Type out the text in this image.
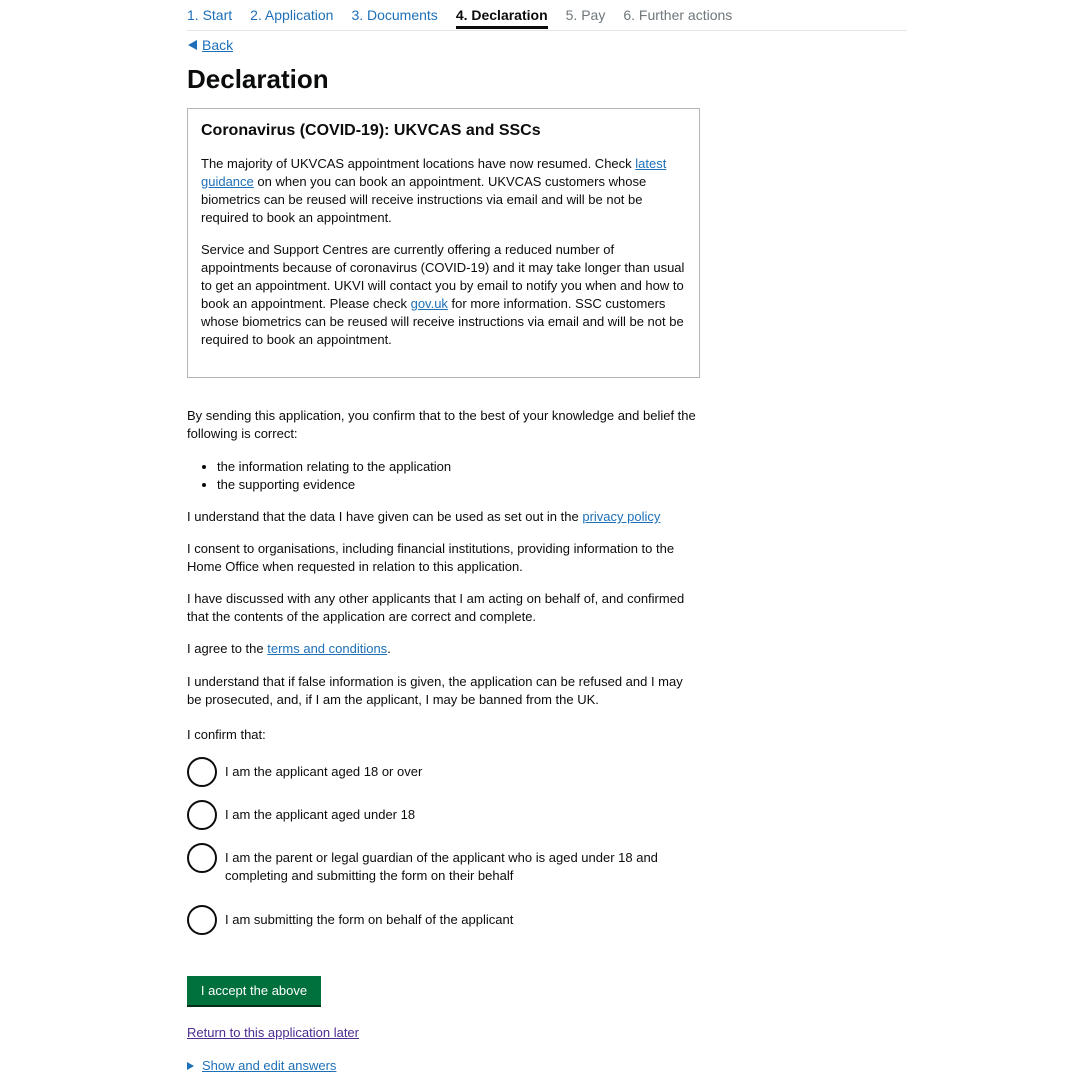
1. Start 2. Application 3. Documents 4. Declaration 5. Pay 6. Further actions
Back
Declaration
Coronavirus (COVID-19): UKVCAS and SSCs

The majority of UKVCAS appointment locations have now resumed. Check latest guidance on when you can book an appointment. UKVCAS customers whose biometrics can be reused will receive instructions via email and will be not be required to book an appointment.

Service and Support Centres are currently offering a reduced number of appointments because of coronavirus (COVID-19) and it may take longer than usual to get an appointment. UKVI will contact you by email to notify you when and how to book an appointment. Please check gov.uk for more information. SSC customers whose biometrics can be reused will receive instructions via email and will be not be required to book an appointment.

By sending this application, you confirm that to the best of your knowledge and belief the following is correct:

• the information relating to the application
• the supporting evidence

I understand that the data I have given can be used as set out in the privacy policy

I consent to organisations, including financial institutions, providing information to the Home Office when requested in relation to this application.

I have discussed with any other applicants that I am acting on behalf of, and confirmed that the contents of the application are correct and complete.

I agree to the terms and conditions.

I understand that if false information is given, the application can be refused and I may be prosecuted, and, if I am the applicant, I may be banned from the UK.

I confirm that:

I am the applicant aged 18 or over
I am the applicant aged under 18
I am the parent or legal guardian of the applicant who is aged under 18 and completing and submitting the form on their behalf
I am submitting the form on behalf of the applicant
I accept the above
Return to this application later
Show and edit answers
